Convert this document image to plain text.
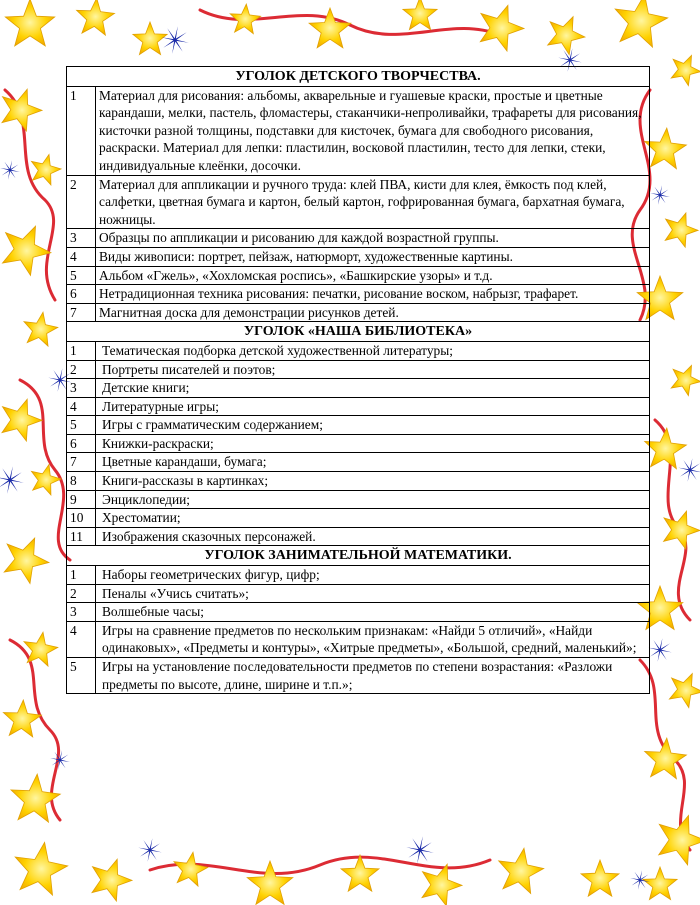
УГОЛОК ДЕТСКОГО ТВОРЧЕСТВА.	
1	Материал для рисования: альбомы, акварельные и гуашевые краски, простые и цветные карандаши, мелки, пастель, фломастеры, стаканчики-непроливайки, трафареты для рисования, кисточки разной толщины, подставки для кисточек, бумага для свободного рисования, раскраски. Материал для лепки: пластилин, восковой пластилин, тесто для лепки, стеки, индивидуальные клеёнки, досочки.
2	Материал для аппликации и ручного труда: клей ПВА, кисти для клея, ёмкость под клей, салфетки, цветная бумага и картон, белый картон, гофрированная бумага, бархатная бумага, ножницы.
3	Образцы по аппликации и рисованию для каждой возрастной группы.
4	Виды живописи: портрет, пейзаж, натюрморт, художественные картины.
5	Альбом «Гжель», «Хохломская роспись», «Башкирские узоры» и т.д.
6	Нетрадиционная техника рисования: печатки, рисование воском, набрызг, трафарет.
7	Магнитная доска для демонстрации рисунков детей.
УГОЛОК «НАША БИБЛИОТЕКА»	
1	Тематическая подборка детской художественной литературы;
2	Портреты писателей и поэтов;
3	Детские книги;
4	Литературные игры;
5	Игры с грамматическим содержанием;
6	Книжки-раскраски;
7	Цветные карандаши, бумага;
8	Книги-рассказы в картинках;
9	Энциклопедии;
10	Хрестоматии;
11	Изображения сказочных персонажей.
УГОЛОК ЗАНИМАТЕЛЬНОЙ МАТЕМАТИКИ.	
1	Наборы геометрических фигур, цифр;
2	Пеналы «Учись считать»;
3	Волшебные часы;
4	Игры на сравнение предметов по нескольким признакам: «Найди 5 отличий», «Найди одинаковых», «Предметы и контуры», «Хитрые предметы», «Большой, средний, маленький»;
5	Игры на установление последовательности предметов по степени возрастания: «Разложи предметы по высоте, длине, ширине и т.п.»;
